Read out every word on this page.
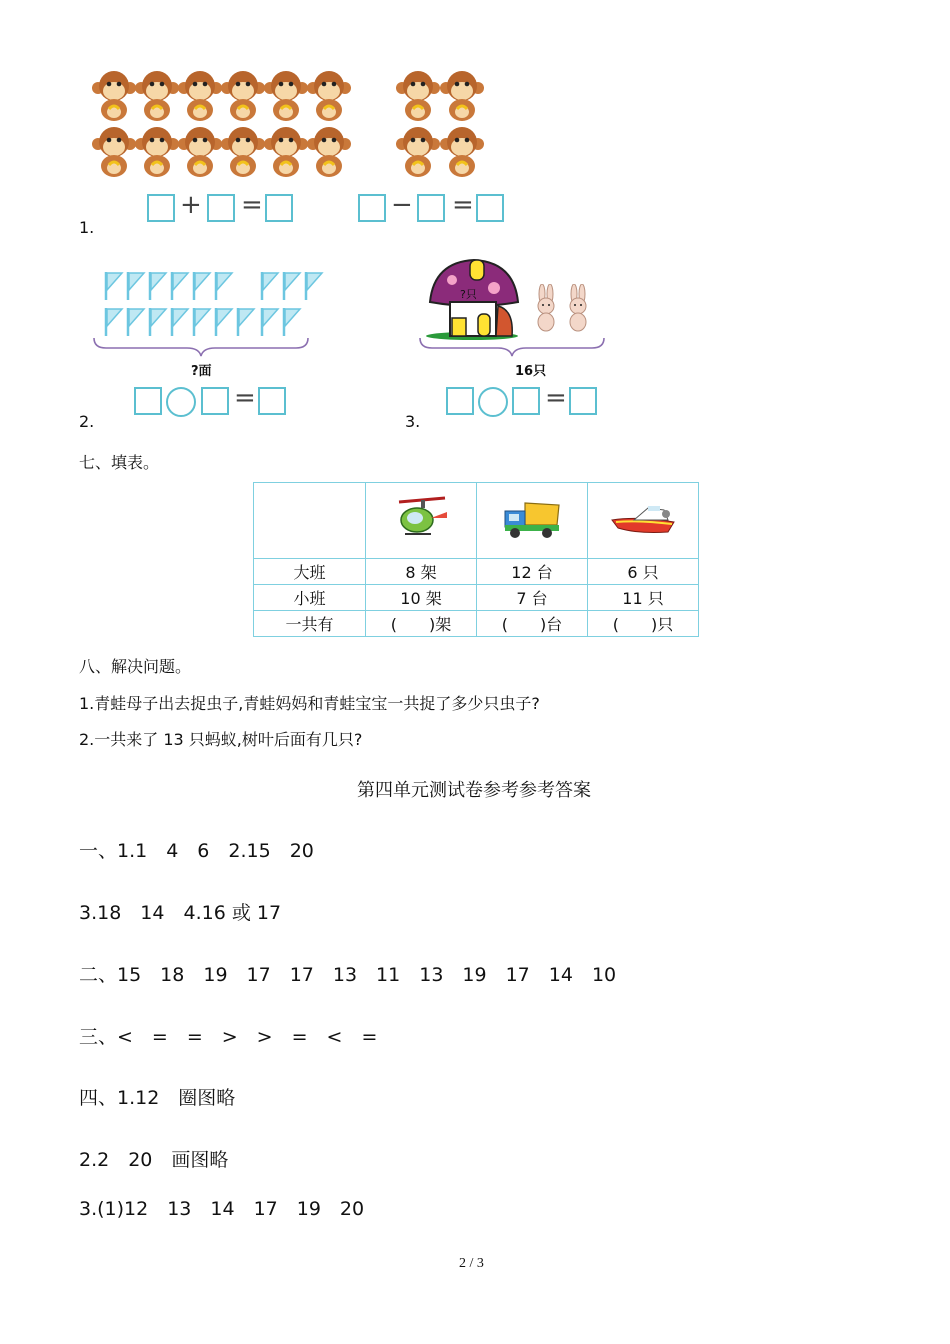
+ =	− =
1.
?面
=
2.
?只
16只
=
3.
七、填表。

大班	8 架	12 台	6 只
小班	10 架	7 台	11 只
一共有	(　　)架	(　　)台	(　　)只
八、解决问题。
1.青蛙母子出去捉虫子,青蛙妈妈和青蛙宝宝一共捉了多少只虫子?
2.一共来了 13 只蚂蚁,树叶后面有几只?
第四单元测试卷参考参考答案
一、1.1　4　6　2.15　20
3.18　14　4.16 或 17
二、15　18　19　17　17　13　11　13　19　17　14　10
三、<　=　=　>　>　=　<　=
四、1.12　圈图略
2.2　20　画图略
3.(1)12　13　14　17　19　20
2 / 3
